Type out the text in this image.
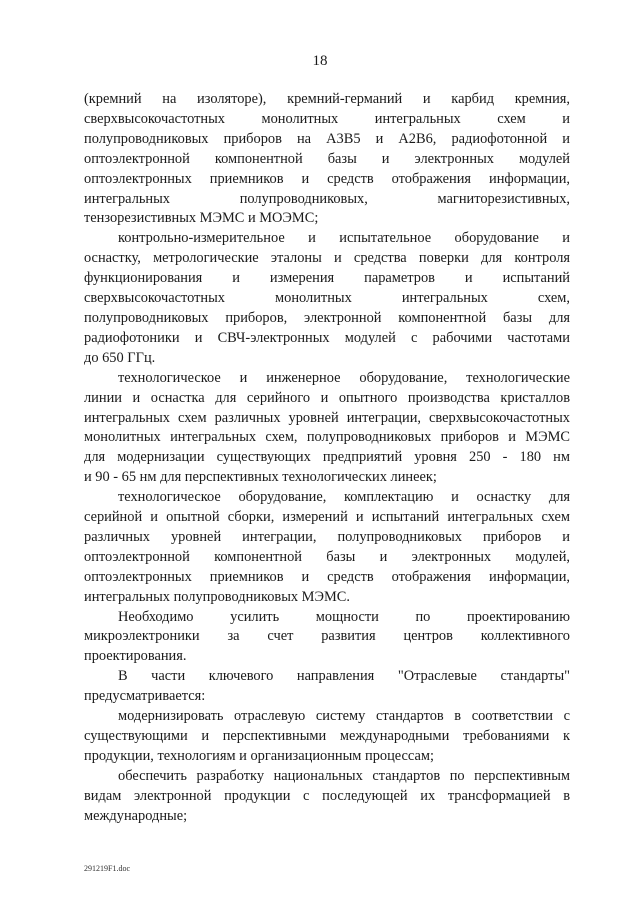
18
(кремний на изоляторе), кремний-германий и карбид кремния,
сверхвысокочастотных монолитных интегральных схем и
полупроводниковых приборов на А3В5 и А2В6, радиофотонной и
оптоэлектронной компонентной базы и электронных модулей
оптоэлектронных приемников и средств отображения информации,
интегральных полупроводниковых, магниторезистивных,
тензорезистивных МЭМС и МОЭМС;
контрольно-измерительное и испытательное оборудование и
оснастку, метрологические эталоны и средства поверки для контроля
функционирования и измерения параметров и испытаний
сверхвысокочастотных монолитных интегральных схем,
полупроводниковых приборов, электронной компонентной базы для
радиофотоники и СВЧ-электронных модулей с рабочими частотами
до 650 ГГц.
технологическое и инженерное оборудование, технологические
линии и оснастка для серийного и опытного производства кристаллов
интегральных схем различных уровней интеграции, сверхвысокочастотных
монолитных интегральных схем, полупроводниковых приборов и МЭМС
для модернизации существующих предприятий уровня 250 - 180 нм
и 90 - 65 нм для перспективных технологических линеек;
технологическое оборудование, комплектацию и оснастку для
серийной и опытной сборки, измерений и испытаний интегральных схем
различных уровней интеграции, полупроводниковых приборов и
оптоэлектронной компонентной базы и электронных модулей,
оптоэлектронных приемников и средств отображения информации,
интегральных полупроводниковых МЭМС.
Необходимо усилить мощности по проектированию
микроэлектроники за счет развития центров коллективного
проектирования.
В части ключевого направления "Отраслевые стандарты"
предусматривается:
модернизировать отраслевую систему стандартов в соответствии с
существующими и перспективными международными требованиями к
продукции, технологиям и организационным процессам;
обеспечить разработку национальных стандартов по перспективным
видам электронной продукции с последующей их трансформацией в
международные;
291219F1.doc
